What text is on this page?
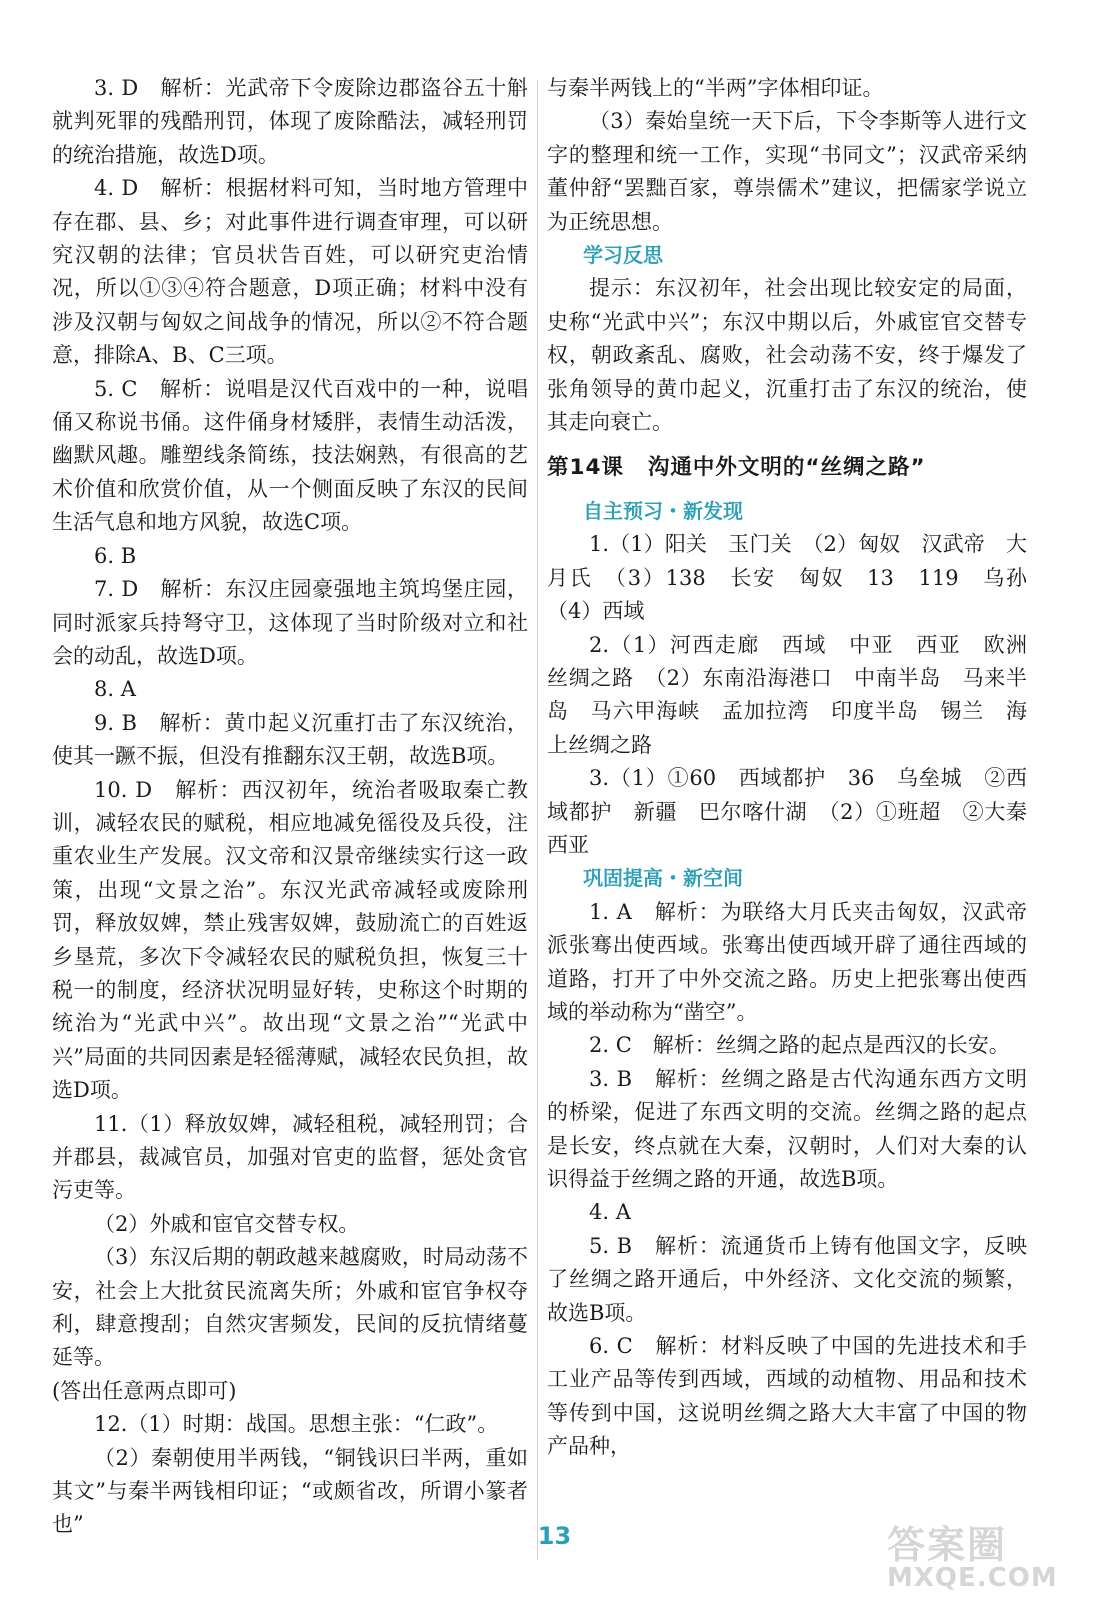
3. D　解析：光武帝下令废除边郡盗谷五十斛就判死罪的残酷刑罚，体现了废除酷法，减轻刑罚的统治措施，故选D项。

4. D　解析：根据材料可知，当时地方管理中存在郡、县、乡；对此事件进行调查审理，可以研究汉朝的法律；官员状告百姓，可以研究吏治情况，所以①③④符合题意，D项正确；材料中没有涉及汉朝与匈奴之间战争的情况，所以②不符合题意，排除A、B、C三项。

5. C　解析：说唱是汉代百戏中的一种，说唱俑又称说书俑。这件俑身材矮胖，表情生动活泼，幽默风趣。雕塑线条简练，技法娴熟，有很高的艺术价值和欣赏价值，从一个侧面反映了东汉的民间生活气息和地方风貌，故选C项。

6. B

7. D　解析：东汉庄园豪强地主筑坞堡庄园，同时派家兵持弩守卫，这体现了当时阶级对立和社会的动乱，故选D项。

8. A

9. B　解析：黄巾起义沉重打击了东汉统治，使其一蹶不振，但没有推翻东汉王朝，故选B项。

10. D　解析：西汉初年，统治者吸取秦亡教训，减轻农民的赋税，相应地减免徭役及兵役，注重农业生产发展。汉文帝和汉景帝继续实行这一政策，出现“文景之治”。东汉光武帝减轻或废除刑罚，释放奴婢，禁止残害奴婢，鼓励流亡的百姓返乡垦荒，多次下令减轻农民的赋税负担，恢复三十税一的制度，经济状况明显好转，史称这个时期的统治为“光武中兴”。故出现“文景之治”“光武中兴”局面的共同因素是轻徭薄赋，减轻农民负担，故选D项。

11.（1）释放奴婢，减轻租税，减轻刑罚；合并郡县，裁减官员，加强对官吏的监督，惩处贪官污吏等。

（2）外戚和宦官交替专权。

（3）东汉后期的朝政越来越腐败，时局动荡不安，社会上大批贫民流离失所；外戚和宦官争权夺利，肆意搜刮；自然灾害频发，民间的反抗情绪蔓延等。

(答出任意两点即可)

12.（1）时期：战国。思想主张：“仁政”。

（2）秦朝使用半两钱，“铜钱识曰半两，重如其文”与秦半两钱相印证；“或颇省改，所谓小篆者也”

与秦半两钱上的“半两”字体相印证。

（3）秦始皇统一天下后，下令李斯等人进行文字的整理和统一工作，实现“书同文”；汉武帝采纳董仲舒“罢黜百家，尊崇儒术”建议，把儒家学说立为正统思想。

学习反思

提示：东汉初年，社会出现比较安定的局面，史称“光武中兴”；东汉中期以后，外戚宦官交替专权，朝政紊乱、腐败，社会动荡不安，终于爆发了张角领导的黄巾起义，沉重打击了东汉的统治，使其走向衰亡。

第14课 沟通中外文明的“丝绸之路”
自主预习・新发现

1.（1）阳关　玉门关　（2）匈奴　汉武帝　大月氏　（3）138　长安　匈奴　13　119　乌孙　（4）西域

2.（1）河西走廊　西域　中亚　西亚　欧洲　丝绸之路　（2）东南沿海港口　中南半岛　马来半岛　马六甲海峡　孟加拉湾　印度半岛　锡兰　海上丝绸之路

3.（1）①60　西域都护　36　乌垒城　②西域都护　新疆　巴尔喀什湖　（2）①班超　②大秦　西亚

巩固提高・新空间

1. A　解析：为联络大月氏夹击匈奴，汉武帝派张骞出使西域。张骞出使西域开辟了通往西域的道路，打开了中外交流之路。历史上把张骞出使西域的举动称为“凿空”。

2. C　解析：丝绸之路的起点是西汉的长安。

3. B　解析：丝绸之路是古代沟通东西方文明的桥梁，促进了东西文明的交流。丝绸之路的起点是长安，终点就在大秦，汉朝时，人们对大秦的认识得益于丝绸之路的开通，故选B项。

4. A

5. B　解析：流通货币上铸有他国文字，反映了丝绸之路开通后，中外经济、文化交流的频繁，故选B项。

6. C　解析：材料反映了中国的先进技术和手工业产品等传到西域，西域的动植物、用品和技术等传到中国，这说明丝绸之路大大丰富了中国的物产品种，

13	答案圈
MXQE.COM
